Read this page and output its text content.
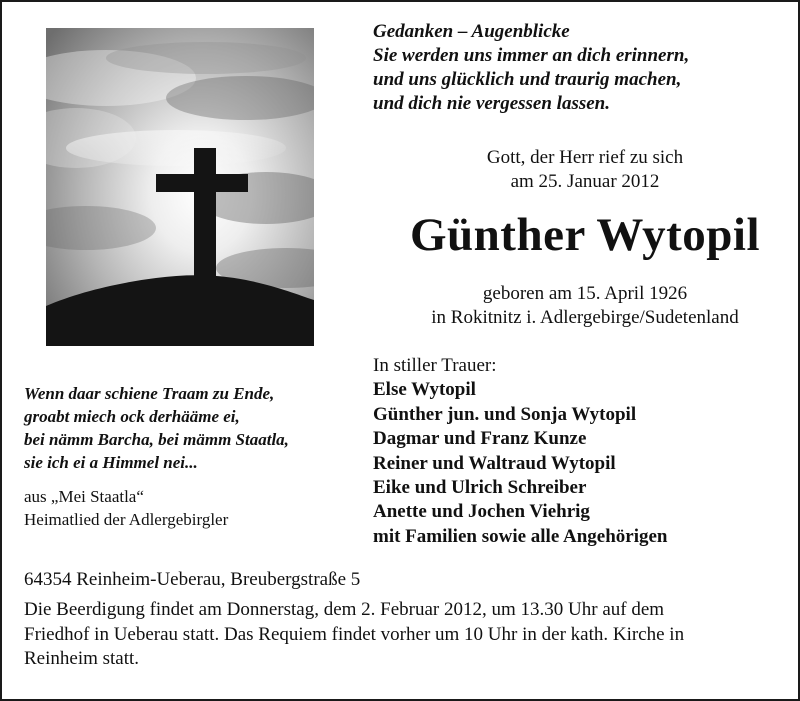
Gedanken – Augenblicke
Sie werden uns immer an dich erinnern,
und uns glücklich und traurig machen,
und dich nie vergessen lassen.
Gott, der Herr rief zu sich
am 25. Januar 2012
Günther Wytopil
geboren am 15. April 1926
in Rokitnitz i. Adlergebirge/Sudetenland
In stiller Trauer:
Else Wytopil
Günther jun. und Sonja Wytopil
Dagmar und Franz Kunze
Reiner und Waltraud Wytopil
Eike und Ulrich Schreiber
Anette und Jochen Viehrig
mit Familien sowie alle Angehörigen
Wenn daar schiene Traam zu Ende,
groabt miech ock derhääme ei,
bei nämm Barcha, bei mämm Staatla,
sie ich ei a Himmel nei...
aus „Mei Staatla“
Heimatlied der Adlergebirgler
64354 Reinheim-Ueberau, Breubergstraße 5
Die Beerdigung findet am Donnerstag, dem 2. Februar 2012, um 13.30 Uhr auf dem
Friedhof in Ueberau statt. Das Requiem findet vorher um 10 Uhr in der kath. Kirche in
Reinheim statt.
